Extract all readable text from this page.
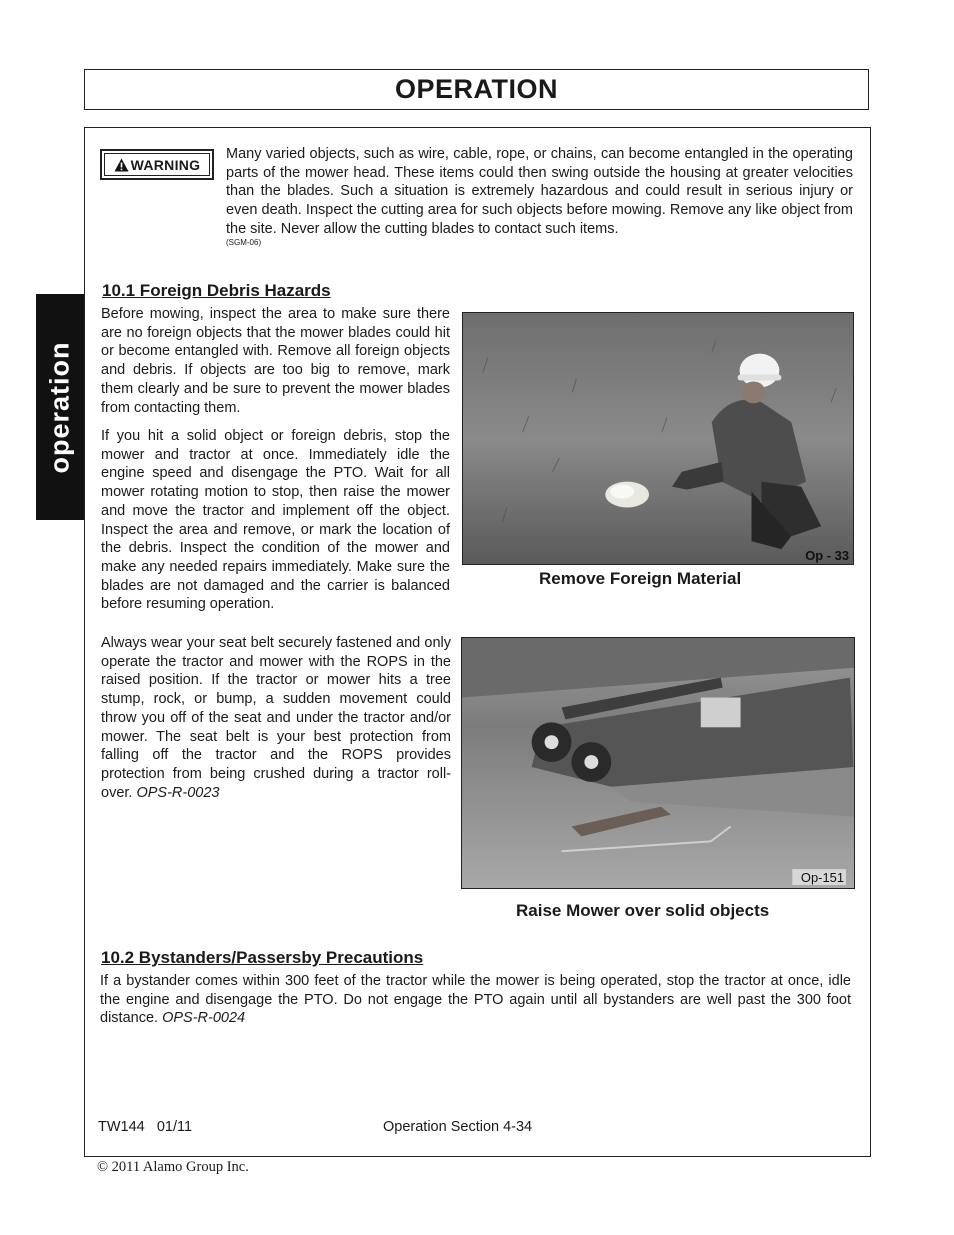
OPERATION
operation
WARNING
Many varied objects, such as wire, cable, rope, or chains, can become entangled in the operating parts of the mower head. These items could then swing outside the housing at greater velocities than the blades. Such a situation is extremely hazardous and could result in serious injury or even death. Inspect the cutting area for such objects before mowing. Remove any like object from the site. Never allow the cutting blades to contact such items.
(SGM-06)
10.1 Foreign Debris Hazards

Before mowing, inspect the area to make sure there are no foreign objects that the mower blades could hit or become entangled with. Remove all foreign objects and debris. If objects are too big to remove, mark them clearly and be sure to prevent the mower blades from contacting them.

If you hit a solid object or foreign debris, stop the mower and tractor at once. Immediately idle the engine speed and disengage the PTO. Wait for all mower rotating motion to stop, then raise the mower and move the tractor and implement off the object. Inspect the area and remove, or mark the location of the debris. Inspect the condition of the mower and make any needed repairs immediately. Make sure the blades are not damaged and the carrier is balanced before resuming operation.

Always wear your seat belt securely fastened and only operate the tractor and mower with the ROPS in the raised position. If the tractor or mower hits a tree stump, rock, or bump, a sudden movement could throw you off of the seat and under the tractor and/or mower. The seat belt is your best protection from falling off the tractor and the ROPS provides protection from being crushed during a tractor roll-over. OPS-R-0023

Op - 33
Remove Foreign Material
Op-151
Raise Mower over solid objects
10.2 Bystanders/Passersby Precautions

If a bystander comes within 300 feet of the tractor while the mower is being operated, stop the tractor at once, idle the engine and disengage the PTO. Do not engage the PTO again until all bystanders are well past the 300 foot distance. OPS-R-0024

TW144   01/11	Operation Section 4-34
© 2011 Alamo Group Inc.
